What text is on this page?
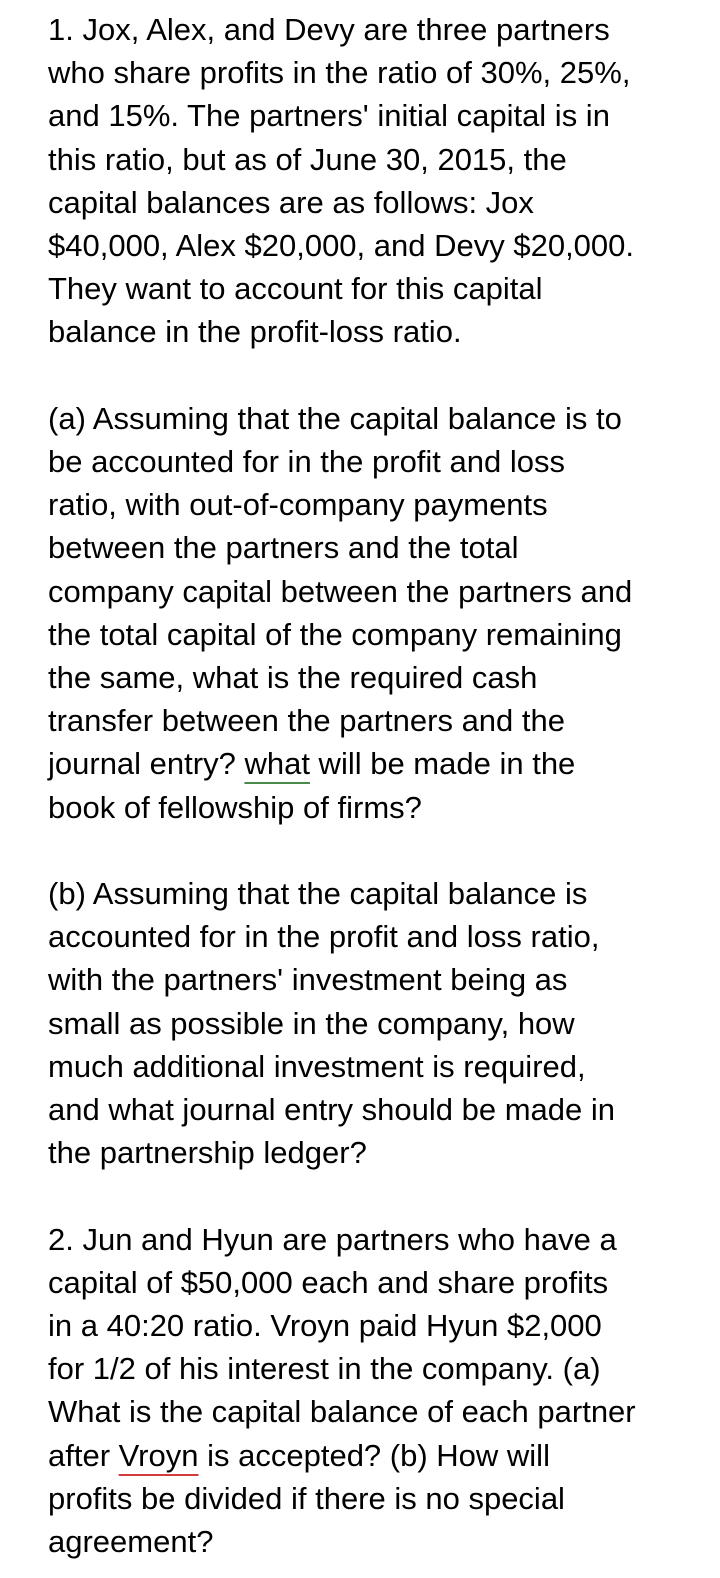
1. Jox, Alex, and Devy are three partners
who share profits in the ratio of 30%, 25%,
and 15%. The partners' initial capital is in
this ratio, but as of June 30, 2015, the
capital balances are as follows: Jox
$40,000, Alex $20,000, and Devy $20,000.
They want to account for this capital
balance in the profit-loss ratio.
(a) Assuming that the capital balance is to
be accounted for in the profit and loss
ratio, with out-of-company payments
between the partners and the total
company capital between the partners and
the total capital of the company remaining
the same, what is the required cash
transfer between the partners and the
journal entry? what will be made in the
book of fellowship of firms?
(b) Assuming that the capital balance is
accounted for in the profit and loss ratio,
with the partners' investment being as
small as possible in the company, how
much additional investment is required,
and what journal entry should be made in
the partnership ledger?
2. Jun and Hyun are partners who have a
capital of $50,000 each and share profits
in a 40:20 ratio. Vroyn paid Hyun $2,000
for 1/2 of his interest in the company. (a)
What is the capital balance of each partner
after Vroyn is accepted? (b) How will
profits be divided if there is no special
agreement?
